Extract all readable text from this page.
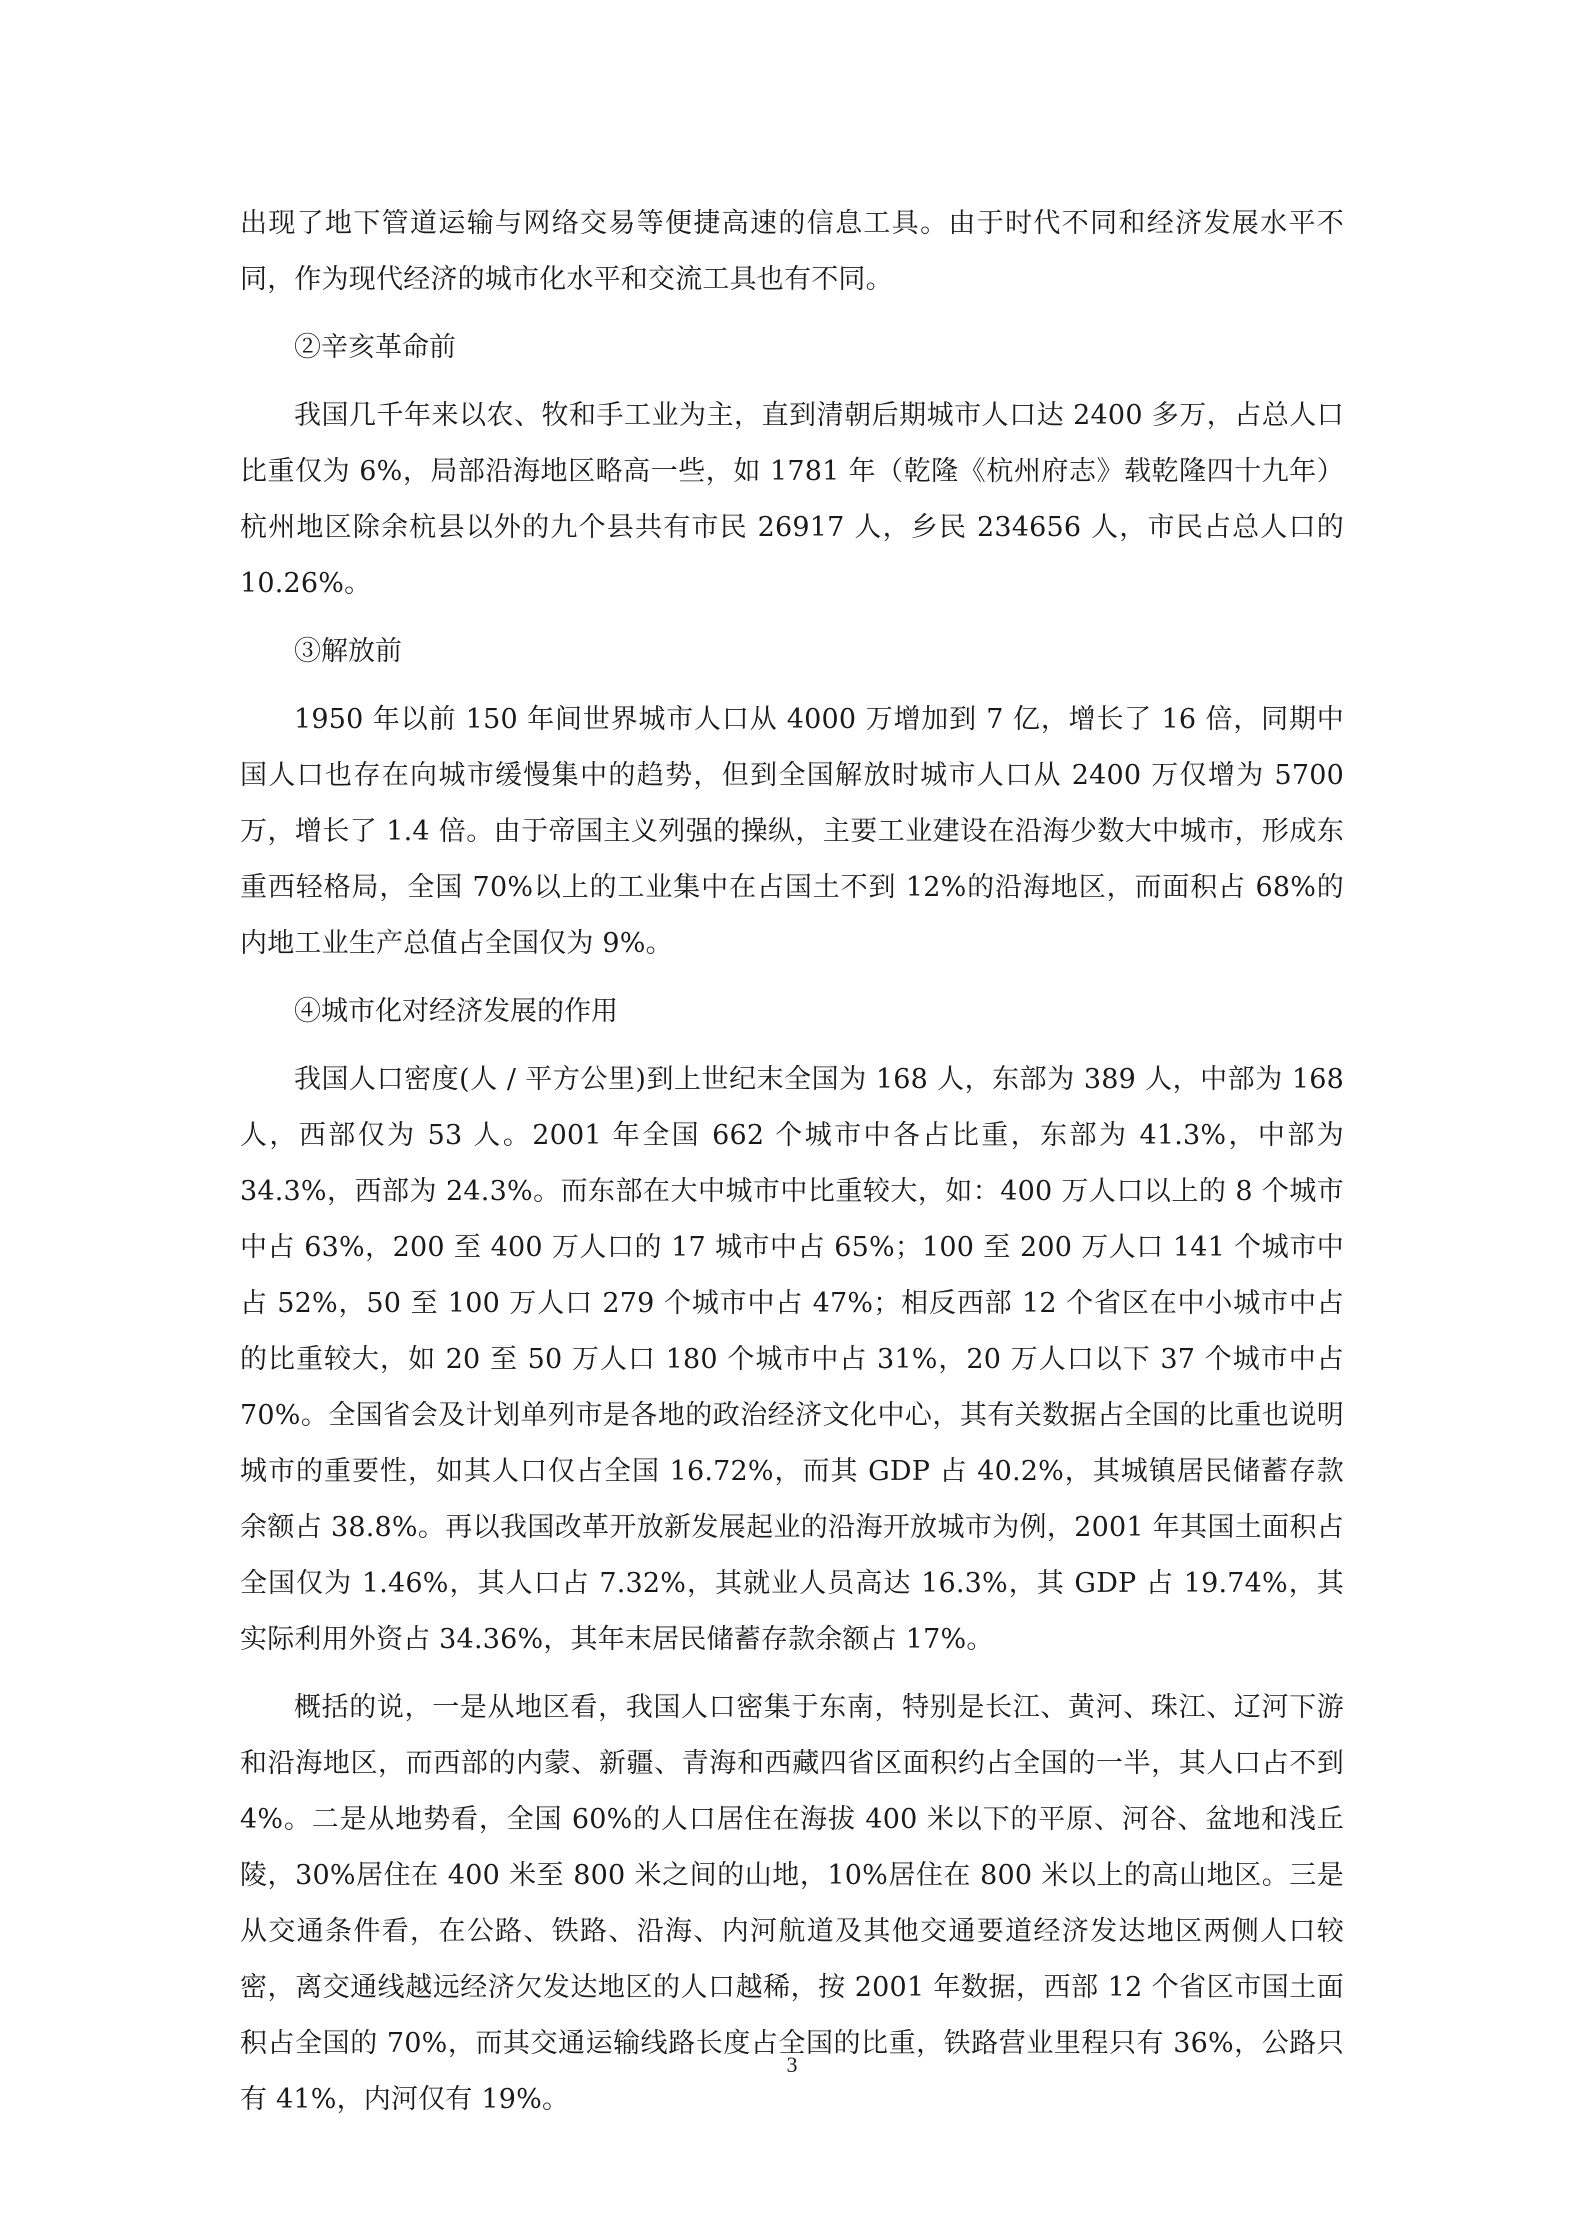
出现了地下管道运输与网络交易等便捷高速的信息工具。由于时代不同和经济发展水平不同，作为现代经济的城市化水平和交流工具也有不同。

②辛亥革命前

我国几千年来以农、牧和手工业为主，直到清朝后期城市人口达 2400 多万，占总人口比重仅为 6%，局部沿海地区略高一些，如 1781 年（乾隆《杭州府志》载乾隆四十九年）杭州地区除余杭县以外的九个县共有市民 26917 人，乡民 234656 人，市民占总人口的 10.26%。

③解放前

1950 年以前 150 年间世界城市人口从 4000 万增加到 7 亿，增长了 16 倍，同期中国人口也存在向城市缓慢集中的趋势，但到全国解放时城市人口从 2400 万仅增为 5700 万，增长了 1.4 倍。由于帝国主义列强的操纵，主要工业建设在沿海少数大中城市，形成东重西轻格局，全国 70%以上的工业集中在占国土不到 12%的沿海地区，而面积占 68%的内地工业生产总值占全国仅为 9%。

④城市化对经济发展的作用

我国人口密度(人 / 平方公里)到上世纪末全国为 168 人，东部为 389 人，中部为 168 人，西部仅为 53 人。2001 年全国 662 个城市中各占比重，东部为 41.3%，中部为 34.3%，西部为 24.3%。而东部在大中城市中比重较大，如：400 万人口以上的 8 个城市中占 63%，200 至 400 万人口的 17 城市中占 65%；100 至 200 万人口 141 个城市中占 52%，50 至 100 万人口 279 个城市中占 47%；相反西部 12 个省区在中小城市中占的比重较大，如 20 至 50 万人口 180 个城市中占 31%，20 万人口以下 37 个城市中占 70%。全国省会及计划单列市是各地的政治经济文化中心，其有关数据占全国的比重也说明城市的重要性，如其人口仅占全国 16.72%，而其 GDP 占 40.2%，其城镇居民储蓄存款余额占 38.8%。再以我国改革开放新发展起业的沿海开放城市为例，2001 年其国土面积占全国仅为 1.46%，其人口占 7.32%，其就业人员高达 16.3%，其 GDP 占 19.74%，其实际利用外资占 34.36%，其年末居民储蓄存款余额占 17%。

概括的说，一是从地区看，我国人口密集于东南，特别是长江、黄河、珠江、辽河下游和沿海地区，而西部的内蒙、新疆、青海和西藏四省区面积约占全国的一半，其人口占不到 4%。二是从地势看，全国 60%的人口居住在海拔 400 米以下的平原、河谷、盆地和浅丘陵，30%居住在 400 米至 800 米之间的山地，10%居住在 800 米以上的高山地区。三是从交通条件看，在公路、铁路、沿海、内河航道及其他交通要道经济发达地区两侧人口较密，离交通线越远经济欠发达地区的人口越稀，按 2001 年数据，西部 12 个省区市国土面积占全国的 70%，而其交通运输线路长度占全国的比重，铁路营业里程只有 36%，公路只有 41%，内河仅有 19%。

3
